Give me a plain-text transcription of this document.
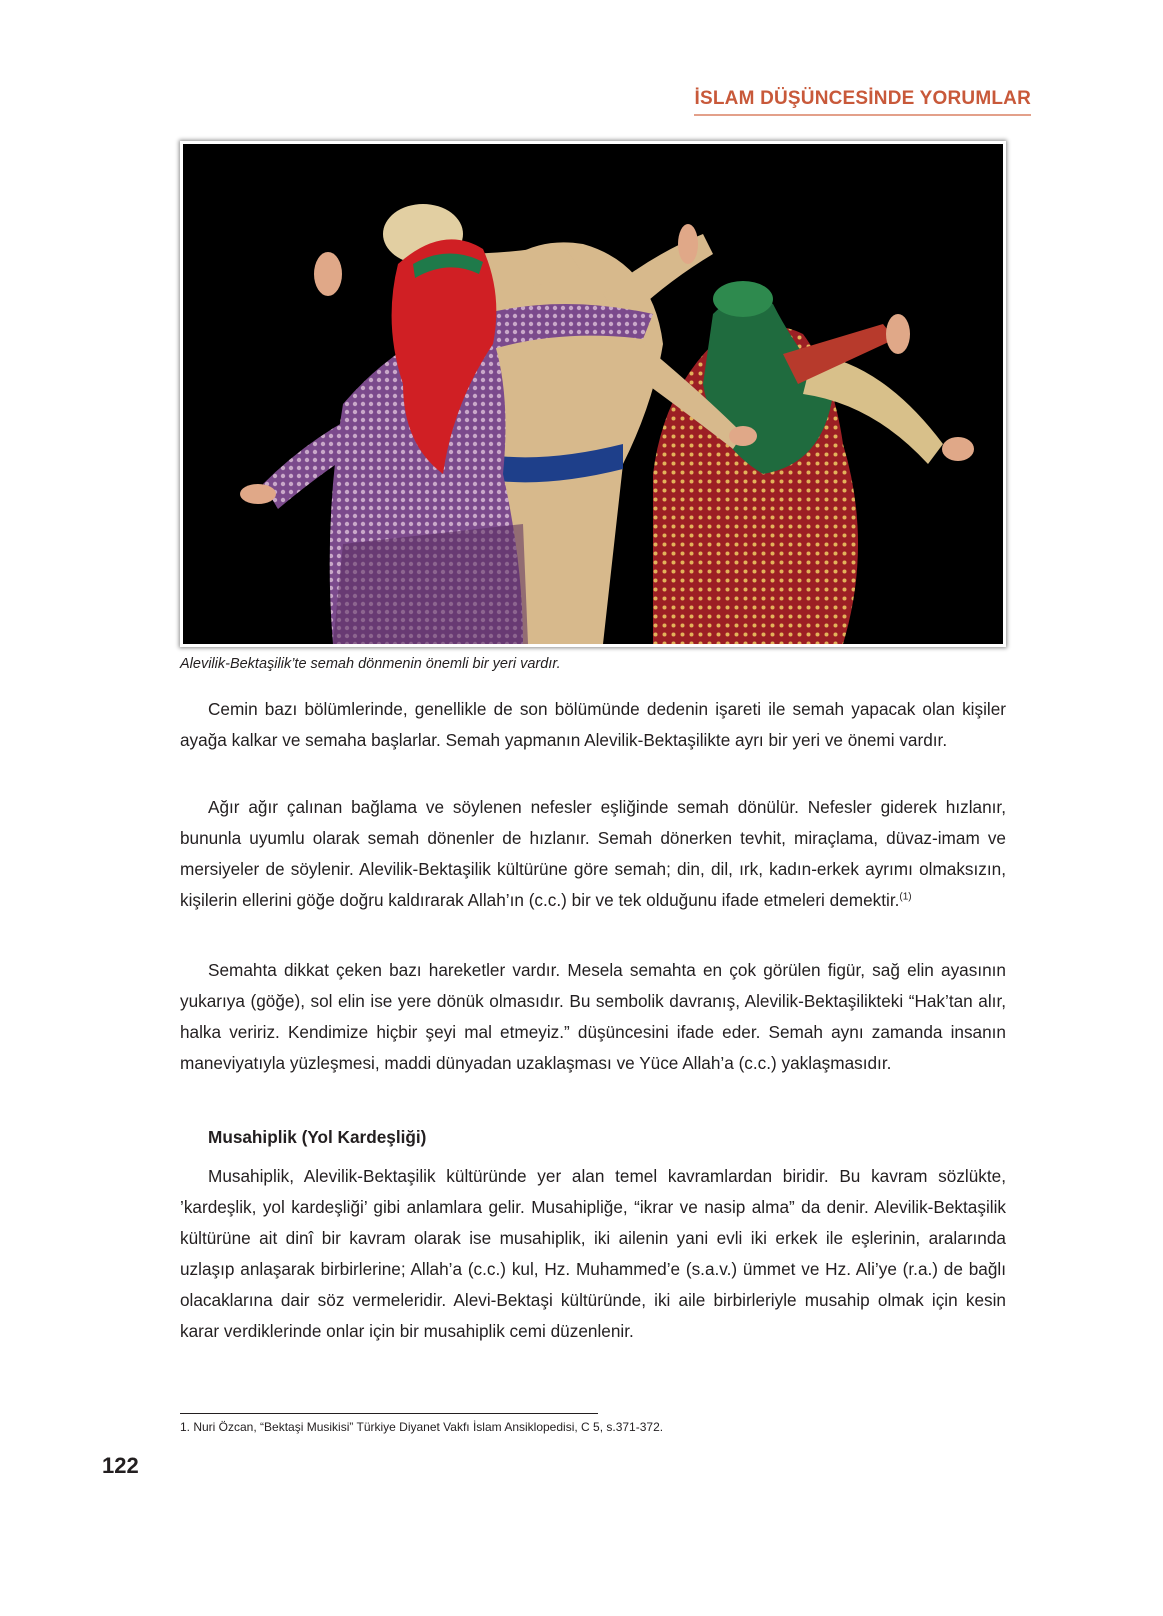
İSLAM DÜŞÜNCESİNDE YORUMLAR
Alevilik-Bektaşilik’te semah dönmenin önemli bir yeri vardır.

Cemin bazı bölümlerinde, genellikle de son bölümünde dedenin işareti ile semah yapacak olan kişiler ayağa kalkar ve semaha başlarlar. Semah yapmanın Alevilik-Bektaşilikte ayrı bir yeri ve önemi vardır.

Ağır ağır çalınan bağlama ve söylenen nefesler eşliğinde semah dönülür. Nefesler giderek hızlanır, bununla uyumlu olarak semah dönenler de hızlanır. Semah dönerken tevhit, miraçlama, düvaz-imam ve mersiyeler de söylenir. Alevilik-Bektaşilik kültürüne göre semah; din, dil, ırk, kadın-erkek ayrımı olmaksızın, kişilerin ellerini göğe doğru kaldırarak Allah’ın (c.c.) bir ve tek olduğunu ifade etmeleri demektir.$^{(1)}$

Semahta dikkat çeken bazı hareketler vardır. Mesela semahta en çok görülen figür, sağ elin ayasının yukarıya (göğe), sol elin ise yere dönük olmasıdır. Bu sembolik davranış, Alevilik-Bektaşilikteki “Hak’tan alır, halka veririz. Kendimize hiçbir şeyi mal etmeyiz.” düşüncesini ifade eder. Semah aynı zamanda insanın maneviyatıyla yüzleşmesi, maddi dünyadan uzaklaşması ve Yüce Allah’a (c.c.) yaklaşmasıdır.

Musahiplik (Yol Kardeşliği)

Musahiplik, Alevilik-Bektaşilik kültüründe yer alan temel kavramlardan biridir. Bu kavram sözlükte, ’kardeşlik, yol kardeşliği’ gibi anlamlara gelir. Musahipliğe, “ikrar ve nasip alma” da denir. Alevilik-Bektaşilik kültürüne ait dinî bir kavram olarak ise musahiplik, iki ailenin yani evli iki erkek ile eşlerinin, aralarında uzlaşıp anlaşarak birbirlerine; Allah’a (c.c.) kul, Hz. Muhammed’e (s.a.v.) ümmet ve Hz. Ali’ye (r.a.) de bağlı olacaklarına dair söz vermeleridir. Alevi-Bektaşi kültüründe, iki aile birbirleriyle musahip olmak için kesin karar verdiklerinde onlar için bir musahiplik cemi düzenlenir.

1. Nuri Özcan, “Bektaşi Musikisi” Türkiye Diyanet Vakfı İslam Ansiklopedisi, C 5, s.371-372.
122
